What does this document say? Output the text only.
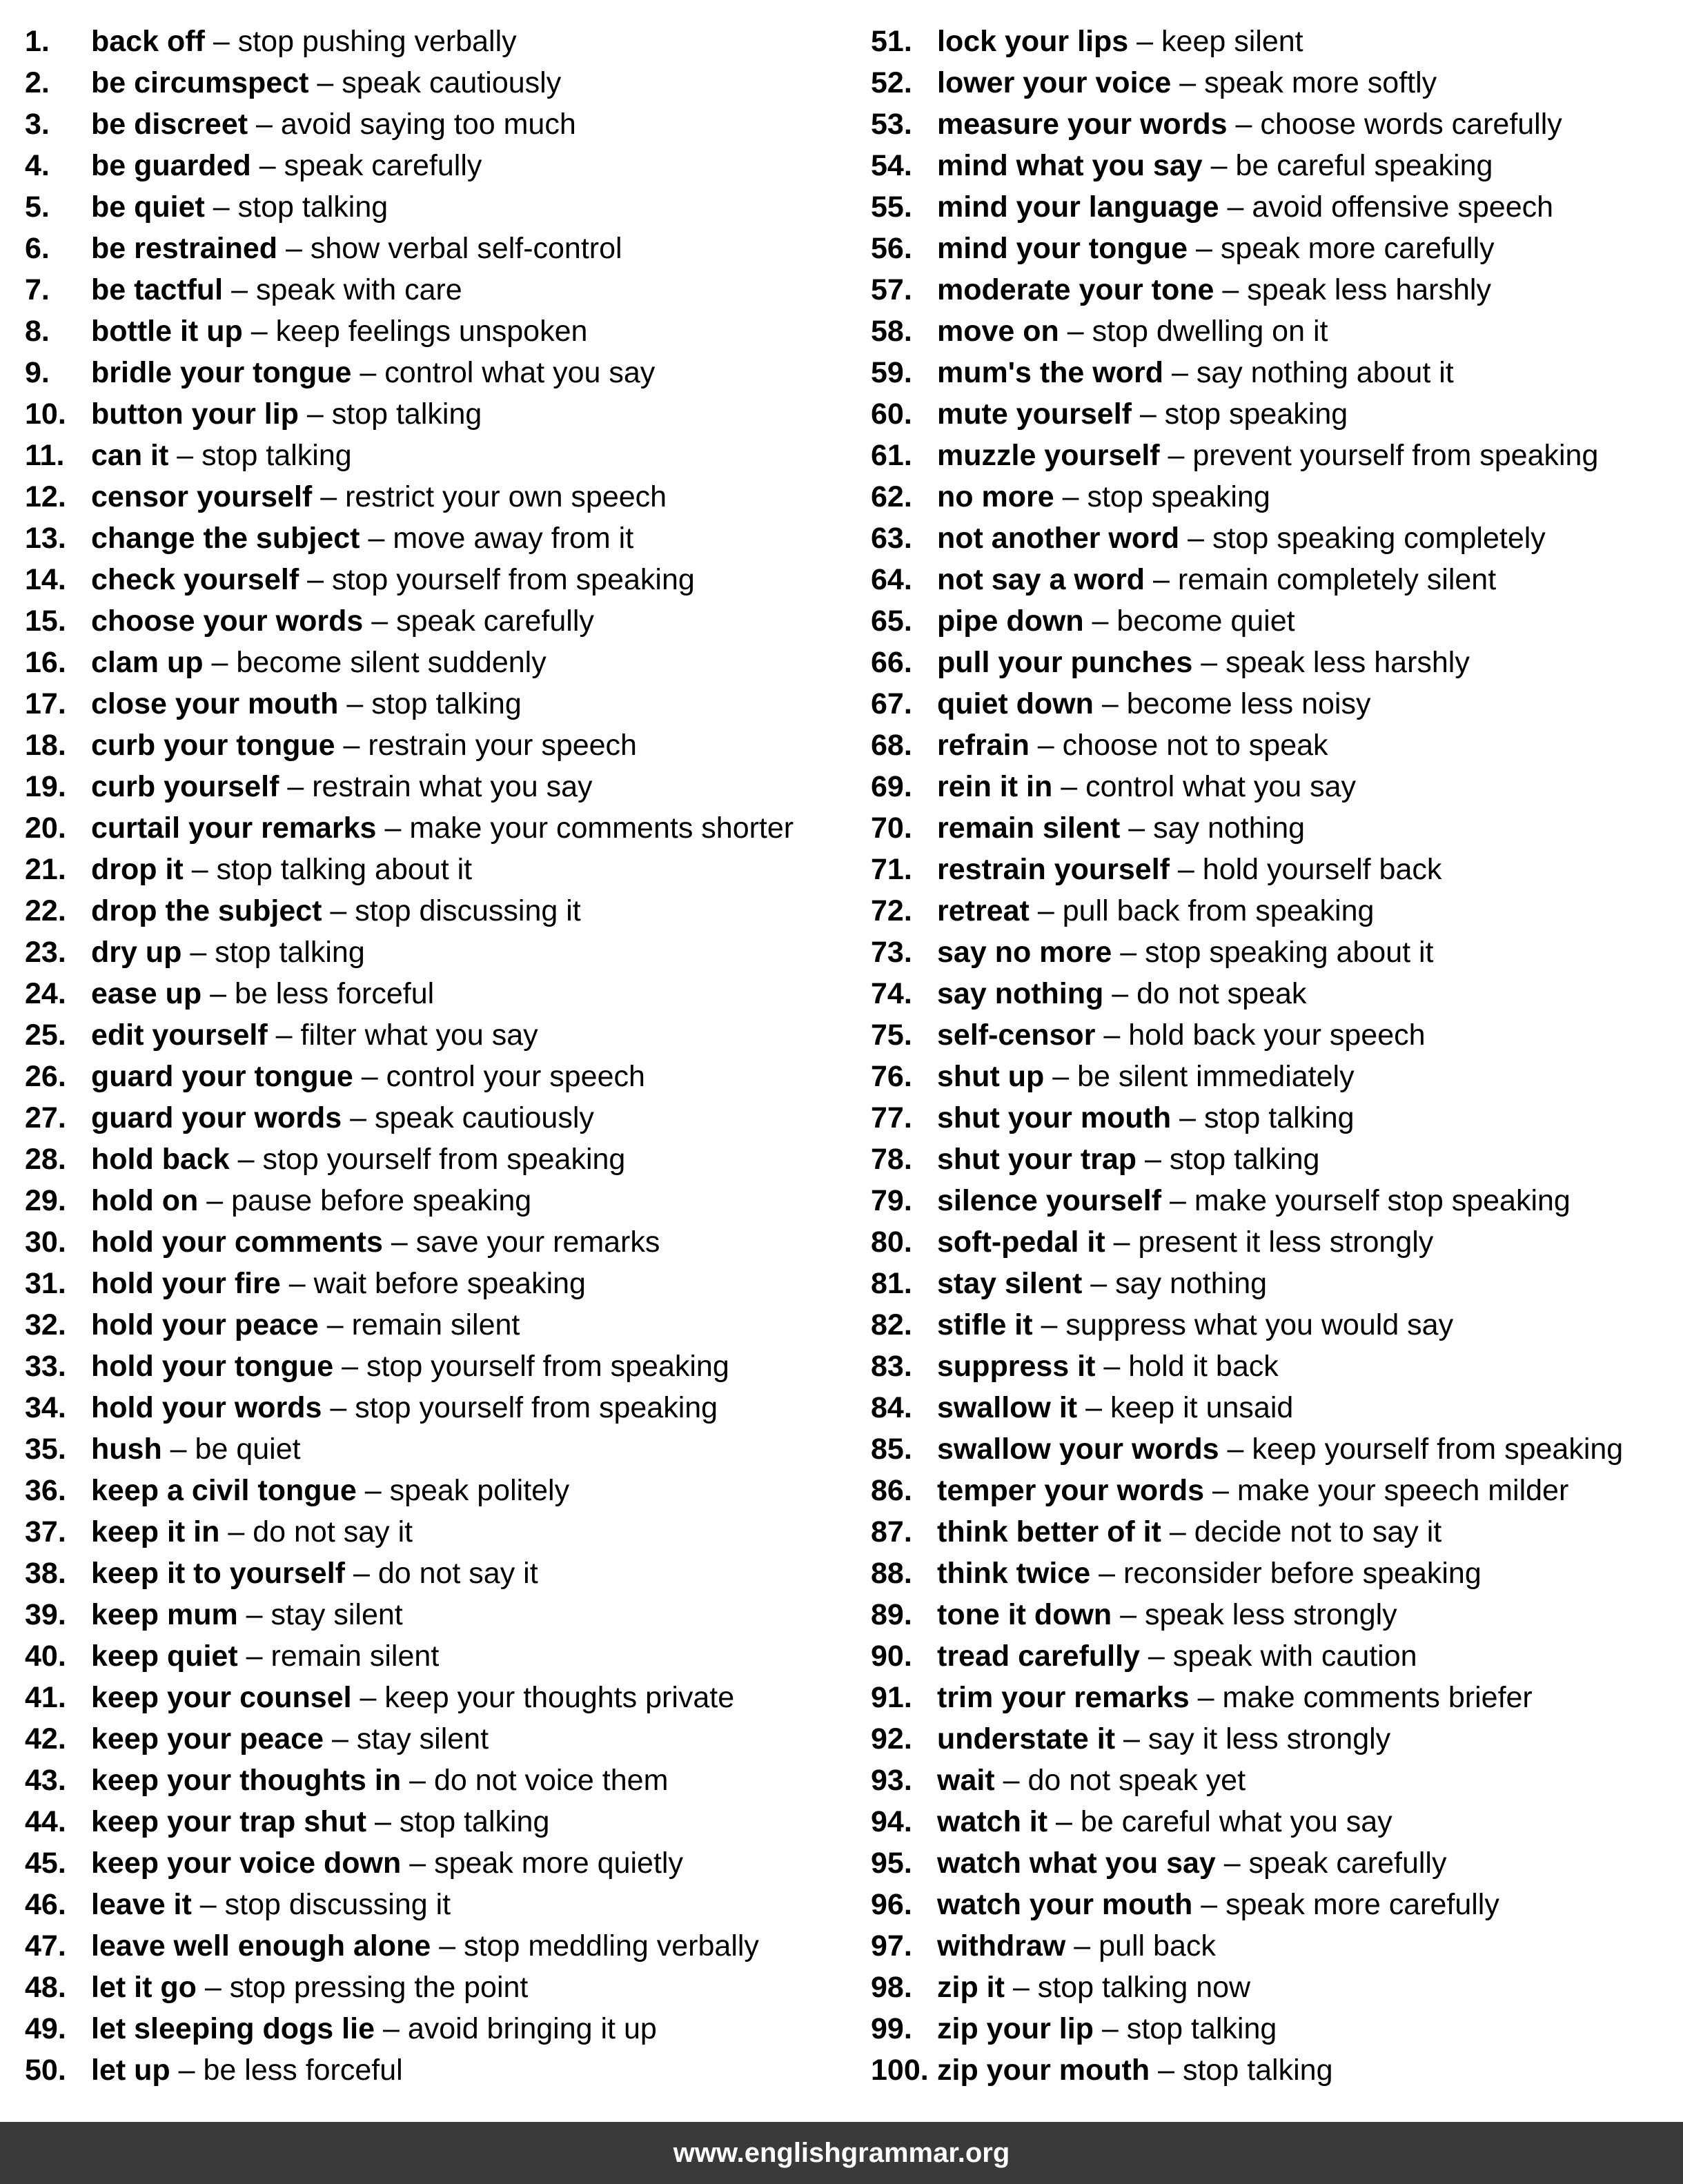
1. back off – stop pushing verbally
2. be circumspect – speak cautiously
3. be discreet – avoid saying too much
4. be guarded – speak carefully
5. be quiet – stop talking
6. be restrained – show verbal self-control
7. be tactful – speak with care
8. bottle it up – keep feelings unspoken
9. bridle your tongue – control what you say
10. button your lip – stop talking
11. can it – stop talking
12. censor yourself – restrict your own speech
13. change the subject – move away from it
14. check yourself – stop yourself from speaking
15. choose your words – speak carefully
16. clam up – become silent suddenly
17. close your mouth – stop talking
18. curb your tongue – restrain your speech
19. curb yourself – restrain what you say
20. curtail your remarks – make your comments shorter
21. drop it – stop talking about it
22. drop the subject – stop discussing it
23. dry up – stop talking
24. ease up – be less forceful
25. edit yourself – filter what you say
26. guard your tongue – control your speech
27. guard your words – speak cautiously
28. hold back – stop yourself from speaking
29. hold on – pause before speaking
30. hold your comments – save your remarks
31. hold your fire – wait before speaking
32. hold your peace – remain silent
33. hold your tongue – stop yourself from speaking
34. hold your words – stop yourself from speaking
35. hush – be quiet
36. keep a civil tongue – speak politely
37. keep it in – do not say it
38. keep it to yourself – do not say it
39. keep mum – stay silent
40. keep quiet – remain silent
41. keep your counsel – keep your thoughts private
42. keep your peace – stay silent
43. keep your thoughts in – do not voice them
44. keep your trap shut – stop talking
45. keep your voice down – speak more quietly
46. leave it – stop discussing it
47. leave well enough alone – stop meddling verbally
48. let it go – stop pressing the point
49. let sleeping dogs lie – avoid bringing it up
50. let up – be less forceful
51. lock your lips – keep silent
52. lower your voice – speak more softly
53. measure your words – choose words carefully
54. mind what you say – be careful speaking
55. mind your language – avoid offensive speech
56. mind your tongue – speak more carefully
57. moderate your tone – speak less harshly
58. move on – stop dwelling on it
59. mum's the word – say nothing about it
60. mute yourself – stop speaking
61. muzzle yourself – prevent yourself from speaking
62. no more – stop speaking
63. not another word – stop speaking completely
64. not say a word – remain completely silent
65. pipe down – become quiet
66. pull your punches – speak less harshly
67. quiet down – become less noisy
68. refrain – choose not to speak
69. rein it in – control what you say
70. remain silent – say nothing
71. restrain yourself – hold yourself back
72. retreat – pull back from speaking
73. say no more – stop speaking about it
74. say nothing – do not speak
75. self-censor – hold back your speech
76. shut up – be silent immediately
77. shut your mouth – stop talking
78. shut your trap – stop talking
79. silence yourself – make yourself stop speaking
80. soft-pedal it – present it less strongly
81. stay silent – say nothing
82. stifle it – suppress what you would say
83. suppress it – hold it back
84. swallow it – keep it unsaid
85. swallow your words – keep yourself from speaking
86. temper your words – make your speech milder
87. think better of it – decide not to say it
88. think twice – reconsider before speaking
89. tone it down – speak less strongly
90. tread carefully – speak with caution
91. trim your remarks – make comments briefer
92. understate it – say it less strongly
93. wait – do not speak yet
94. watch it – be careful what you say
95. watch what you say – speak carefully
96. watch your mouth – speak more carefully
97. withdraw – pull back
98. zip it – stop talking now
99. zip your lip – stop talking
100. zip your mouth – stop talking
www.englishgrammar.org
